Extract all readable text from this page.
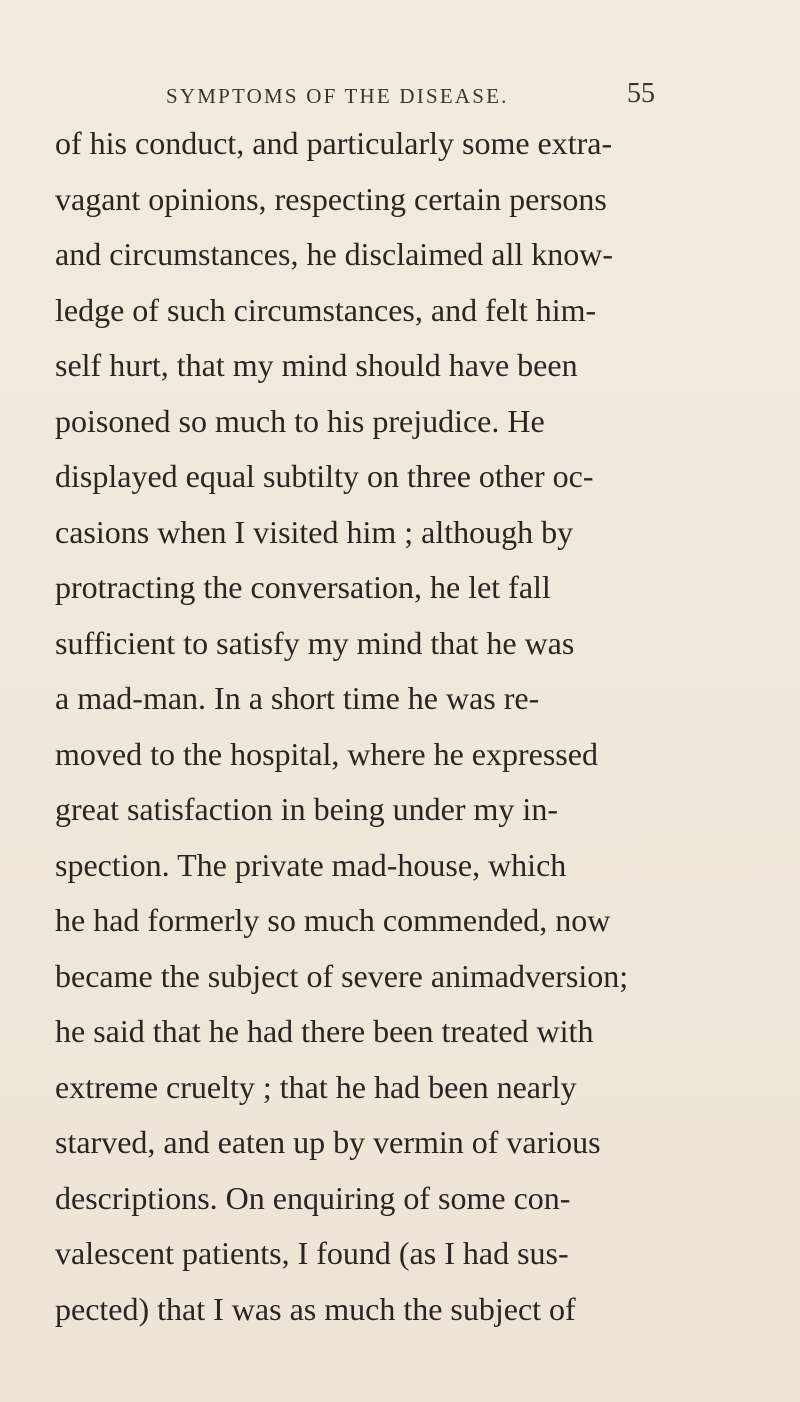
SYMPTOMS OF THE DISEASE.	55
of his conduct, and particularly some extra-
vagant opinions, respecting certain persons
and circumstances, he disclaimed all know-
ledge of such circumstances, and felt him-
self hurt, that my mind should have been
poisoned so much to his prejudice. He
displayed equal subtilty on three other oc-
casions when I visited him ; although by
protracting the conversation, he let fall
sufficient to satisfy my mind that he was
a mad-man. In a short time he was re-
moved to the hospital, where he expressed
great satisfaction in being under my in-
spection. The private mad-house, which
he had formerly so much commended, now
became the subject of severe animadversion;
he said that he had there been treated with
extreme cruelty ; that he had been nearly
starved, and eaten up by vermin of various
descriptions. On enquiring of some con-
valescent patients, I found (as I had sus-
pected) that I was as much the subject of
